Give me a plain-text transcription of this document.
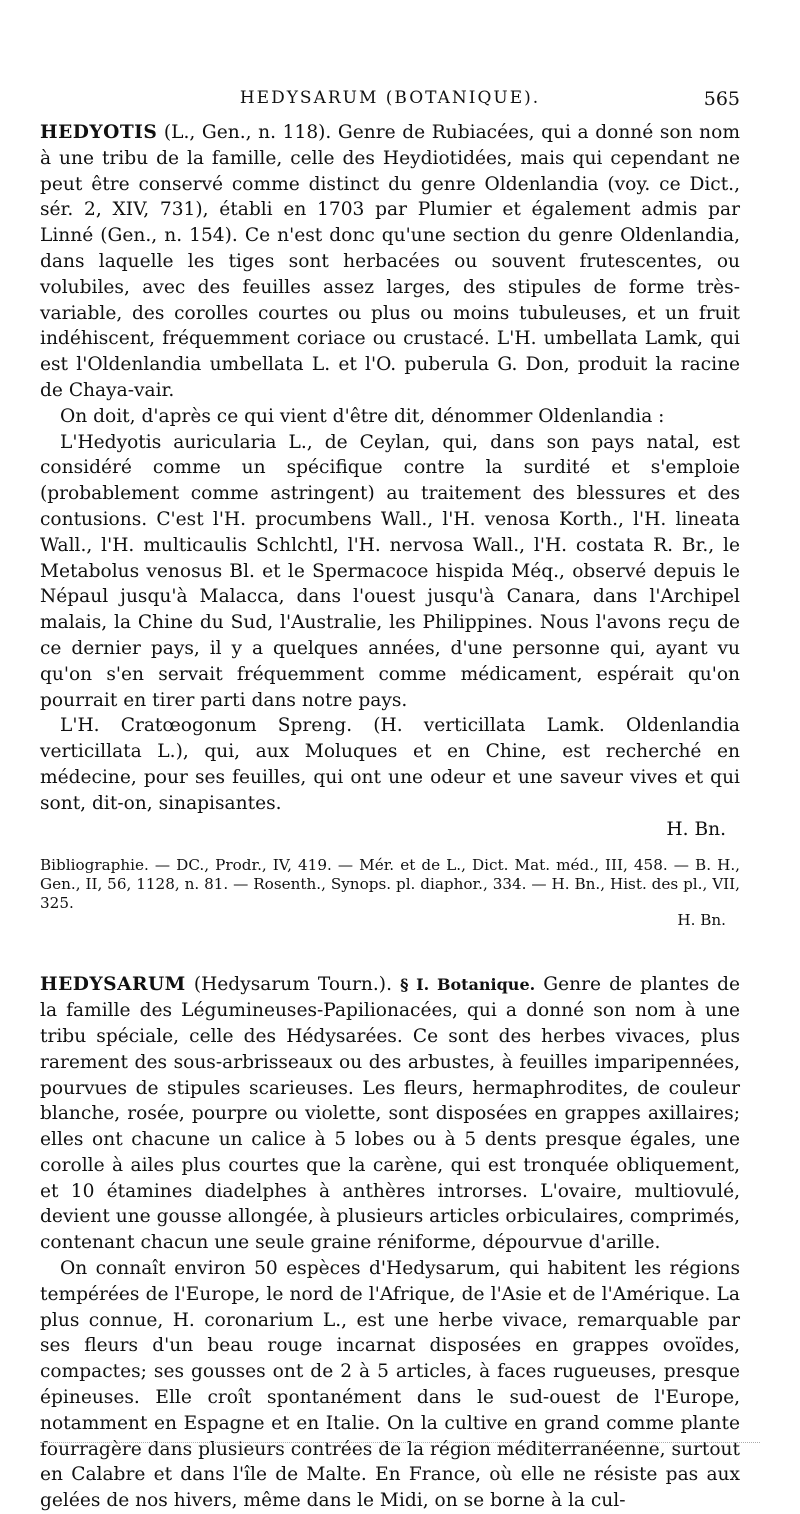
HEDYSARUM (BOTANIQUE).	565

HEDYOTIS (L., Gen., n. 118). Genre de Rubiacées, qui a donné son nom à une tribu de la famille, celle des Heydiotidées, mais qui cependant ne peut être conservé comme distinct du genre Oldenlandia (voy. ce Dict., sér. 2, XIV, 731), établi en 1703 par Plumier et également admis par Linné (Gen., n. 154). Ce n'est donc qu'une section du genre Oldenlandia, dans laquelle les tiges sont herbacées ou souvent frutescentes, ou volubiles, avec des feuilles assez larges, des stipules de forme très-variable, des corolles courtes ou plus ou moins tubuleuses, et un fruit indéhiscent, fréquemment coriace ou crustacé. L'H. umbellata Lamk, qui est l'Oldenlandia umbellata L. et l'O. puberula G. Don, produit la racine de Chaya-vair.

On doit, d'après ce qui vient d'être dit, dénommer Oldenlandia :

L'Hedyotis auricularia L., de Ceylan, qui, dans son pays natal, est considéré comme un spécifique contre la surdité et s'emploie (probablement comme astringent) au traitement des blessures et des contusions. C'est l'H. procumbens Wall., l'H. venosa Korth., l'H. lineata Wall., l'H. multicaulis Schlchtl, l'H. nervosa Wall., l'H. costata R. Br., le Metabolus venosus Bl. et le Spermacoce hispida Méq., observé depuis le Népaul jusqu'à Malacca, dans l'ouest jusqu'à Canara, dans l'Archipel malais, la Chine du Sud, l'Australie, les Philippines. Nous l'avons reçu de ce dernier pays, il y a quelques années, d'une personne qui, ayant vu qu'on s'en servait fréquemment comme médicament, espérait qu'on pourrait en tirer parti dans notre pays.

L'H. Cratœogonum Spreng. (H. verticillata Lamk. Oldenlandia verticillata L.), qui, aux Moluques et en Chine, est recherché en médecine, pour ses feuilles, qui ont une odeur et une saveur vives et qui sont, dit-on, sinapisantes.

H. Bn.

Bibliographie. — DC., Prodr., IV, 419. — Mér. et de L., Dict. Mat. méd., III, 458. — B. H., Gen., II, 56, 1128, n. 81. — Rosenth., Synops. pl. diaphor., 334. — H. Bn., Hist. des pl., VII, 325.

H. Bn.

HEDYSARUM (Hedysarum Tourn.). § I. Botanique. Genre de plantes de la famille des Légumineuses-Papilionacées, qui a donné son nom à une tribu spéciale, celle des Hédysarées. Ce sont des herbes vivaces, plus rarement des sous-arbrisseaux ou des arbustes, à feuilles imparipennées, pourvues de stipules scarieuses. Les fleurs, hermaphrodites, de couleur blanche, rosée, pourpre ou violette, sont disposées en grappes axillaires; elles ont chacune un calice à 5 lobes ou à 5 dents presque égales, une corolle à ailes plus courtes que la carène, qui est tronquée obliquement, et 10 étamines diadelphes à anthères introrses. L'ovaire, multiovulé, devient une gousse allongée, à plusieurs articles orbiculaires, comprimés, contenant chacun une seule graine réniforme, dépourvue d'arille.

On connaît environ 50 espèces d'Hedysarum, qui habitent les régions tempérées de l'Europe, le nord de l'Afrique, de l'Asie et de l'Amérique. La plus connue, H. coronarium L., est une herbe vivace, remarquable par ses fleurs d'un beau rouge incarnat disposées en grappes ovoïdes, compactes; ses gousses ont de 2 à 5 articles, à faces rugueuses, presque épineuses. Elle croît spontanément dans le sud-ouest de l'Europe, notamment en Espagne et en Italie. On la cultive en grand comme plante fourragère dans plusieurs contrées de la région méditerranéenne, surtout en Calabre et dans l'île de Malte. En France, où elle ne résiste pas aux gelées de nos hivers, même dans le Midi, on se borne à la cul-
